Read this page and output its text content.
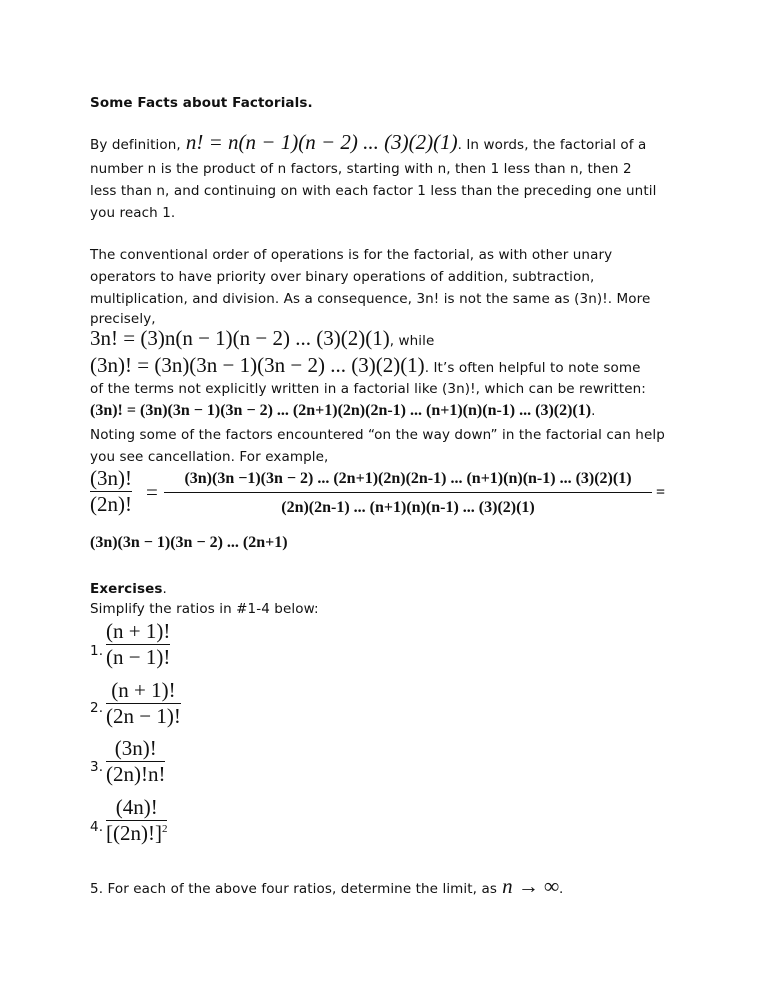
Some Facts about Factorials.
By definition, n! = n(n − 1)(n − 2) ... (3)(2)(1). In words, the factorial of a
number n is the product of n factors, starting with n, then 1 less than n, then 2
less than n, and continuing on with each factor 1 less than the preceding one until
you reach 1.
The conventional order of operations is for the factorial, as with other unary
operators to have priority over binary operations of addition, subtraction,
multiplication, and division. As a consequence, 3n! is not the same as (3n)!. More
precisely,
3n! = (3)n(n − 1)(n − 2) ... (3)(2)(1), while
(3n)! = (3n)(3n − 1)(3n − 2) ... (3)(2)(1). It’s often helpful to note some
of the terms not explicitly written in a factorial like (3n)!, which can be rewritten:
(3n)! = (3n)(3n − 1)(3n − 2) ... (2n+1)(2n)(2n-1) ... (n+1)(n)(n-1) ... (3)(2)(1).
Noting some of the factors encountered “on the way down” in the factorial can help
you see cancellation. For example,
(3n)!
(2n)! =
(3n)(3n −1)(3n − 2) ... (2n+1)(2n)(2n-1) ... (n+1)(n)(n-1) ... (3)(2)(1)
(2n)(2n-1) ... (n+1)(n)(n-1) ... (3)(2)(1)
=
(3n)(3n − 1)(3n − 2) ... (2n+1)
Exercises.
Simplify the ratios in #1-4 below:
1.
(n + 1)!
(n − 1)!
2.
(n + 1)!
(2n − 1)!
3.
(3n)!
(2n)!n!
4.
(4n)!
$[(2n)!]^2$
5. For each of the above four ratios, determine the limit, as n → ∞.
